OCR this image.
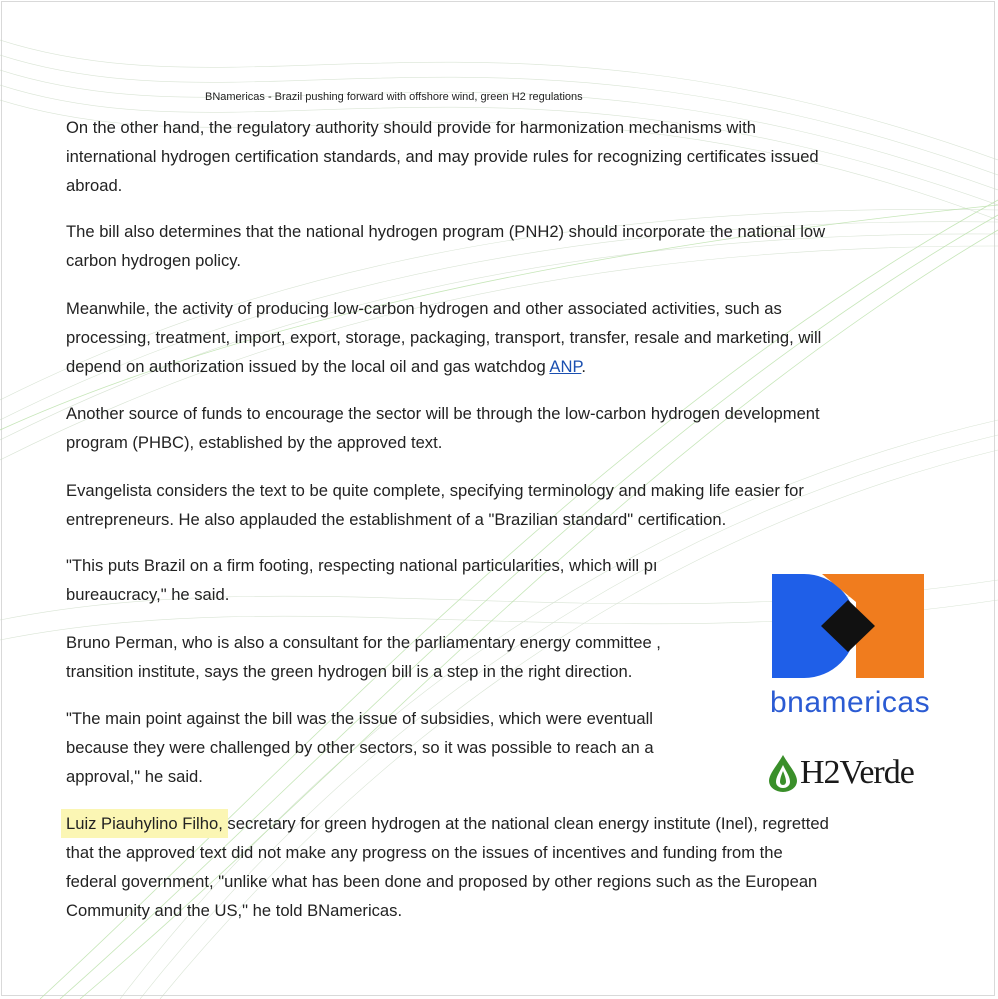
BNamericas - Brazil pushing forward with offshore wind, green H2 regulations

On the other hand, the regulatory authority should provide for harmonization mechanisms with
international hydrogen certification standards, and may provide rules for recognizing certificates issued
abroad.

The bill also determines that the national hydrogen program (PNH2) should incorporate the national low
carbon hydrogen policy.

Meanwhile, the activity of producing low-carbon hydrogen and other associated activities, such as
processing, treatment, import, export, storage, packaging, transport, transfer, resale and marketing, will
depend on authorization issued by the local oil and gas watchdog ANP.

Another source of funds to encourage the sector will be through the low-carbon hydrogen development
program (PHBC), established by the approved text.

Evangelista considers the text to be quite complete, specifying terminology and making life easier for
entrepreneurs. He also applauded the establishment of a "Brazilian standard" certification.

"This puts Brazil on a firm footing, respecting national particularities, which will pı
bureaucracy," he said.

Bruno Perman, who is also a consultant for the parliamentary energy committee ,
transition institute, says the green hydrogen bill is a step in the right direction.

"The main point against the bill was the issue of subsidies, which were eventuall
because they were challenged by other sectors, so it was possible to reach an a
approval," he said.

Luiz Piauhylino Filho, secretary for green hydrogen at the national clean energy institute (Inel), regretted
that the approved text did not make any progress on the issues of incentives and funding from the
federal government, "unlike what has been done and proposed by other regions such as the European
Community and the US," he told BNamericas.

bnamericas
H2Verde
